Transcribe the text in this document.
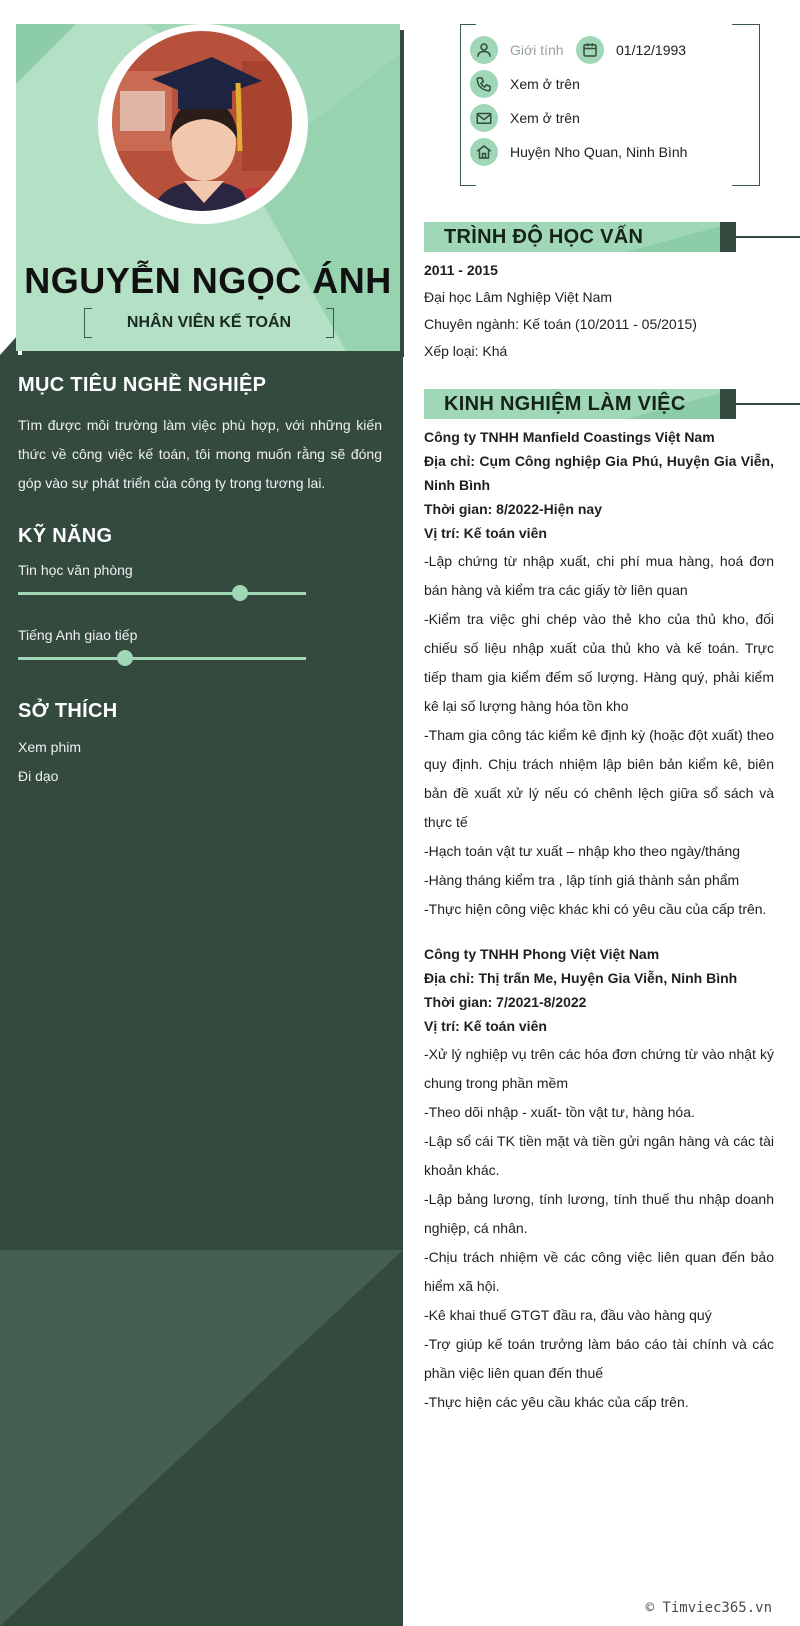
NGUYỄN NGỌC ÁNH
NHÂN VIÊN KẾ TOÁN
MỤC TIÊU NGHỀ NGHIỆP
Tìm được môi trường làm việc phù hợp, với những kiến thức về công việc kế toán, tôi mong muốn rằng sẽ đóng góp vào sự phát triển của công ty trong tương lai.
KỸ NĂNG
Tin học văn phòng
Tiếng Anh giao tiếp
SỞ THÍCH
Xem phim
Đi dạo
Giới tính	01/12/1993
Xem ở trên
Xem ở trên
Huyện Nho Quan, Ninh Bình
TRÌNH ĐỘ HỌC VẤN
2011 - 2015
Đại học Lâm Nghiệp Việt Nam
Chuyên ngành: Kế toán (10/2011 - 05/2015)
Xếp loại: Khá
KINH NGHIỆM LÀM VIỆC
Công ty TNHH Manfield Coastings Việt Nam
Địa chỉ: Cụm Công nghiệp Gia Phú, Huyện Gia Viễn, Ninh Bình
Thời gian: 8/2022-Hiện nay
Vị trí: Kế toán viên
-Lập chứng từ nhập xuất, chi phí mua hàng, hoá đơn bán hàng và kiểm tra các giấy tờ liên quan
-Kiểm tra việc ghi chép vào thẻ kho của thủ kho, đối chiếu số liệu nhập xuất của thủ kho và kế toán. Trực tiếp tham gia kiểm đếm số lượng. Hàng quý, phải kiểm kê lại số lượng hàng hóa tồn kho
-Tham gia công tác kiểm kê định kỳ (hoặc đột xuất) theo quy định. Chịu trách nhiệm lập biên bản kiểm kê, biên bản đề xuất xử lý nếu có chênh lệch giữa sổ sách và thực tế
-Hạch toán vật tư xuất – nhập kho theo ngày/tháng
-Hàng tháng kiểm tra , lập tính giá thành sản phẩm
-Thực hiện công việc khác khi có yêu cầu của cấp trên.
Công ty TNHH Phong Việt Việt Nam
Địa chỉ: Thị trấn Me, Huyện Gia Viễn, Ninh Bình
Thời gian: 7/2021-8/2022
Vị trí: Kế toán viên
-Xử lý nghiệp vụ trên các hóa đơn chứng từ vào nhật ký chung trong phần mềm
-Theo dõi nhập - xuất- tồn vật tư, hàng hóa.
-Lập sổ cái TK tiền mặt và tiền gửi ngân hàng và các tài khoản khác.
-Lập bảng lương, tính lương, tính thuế thu nhập doanh nghiệp, cá nhân.
-Chịu trách nhiệm về các công việc liên quan đến bảo hiểm xã hội.
-Kê khai thuế GTGT đầu ra, đầu vào hàng quý
-Trợ giúp kế toán trưởng làm báo cáo tài chính và các phần việc liên quan đến thuế
-Thực hiện các yêu cầu khác của cấp trên.
© Timviec365.vn
